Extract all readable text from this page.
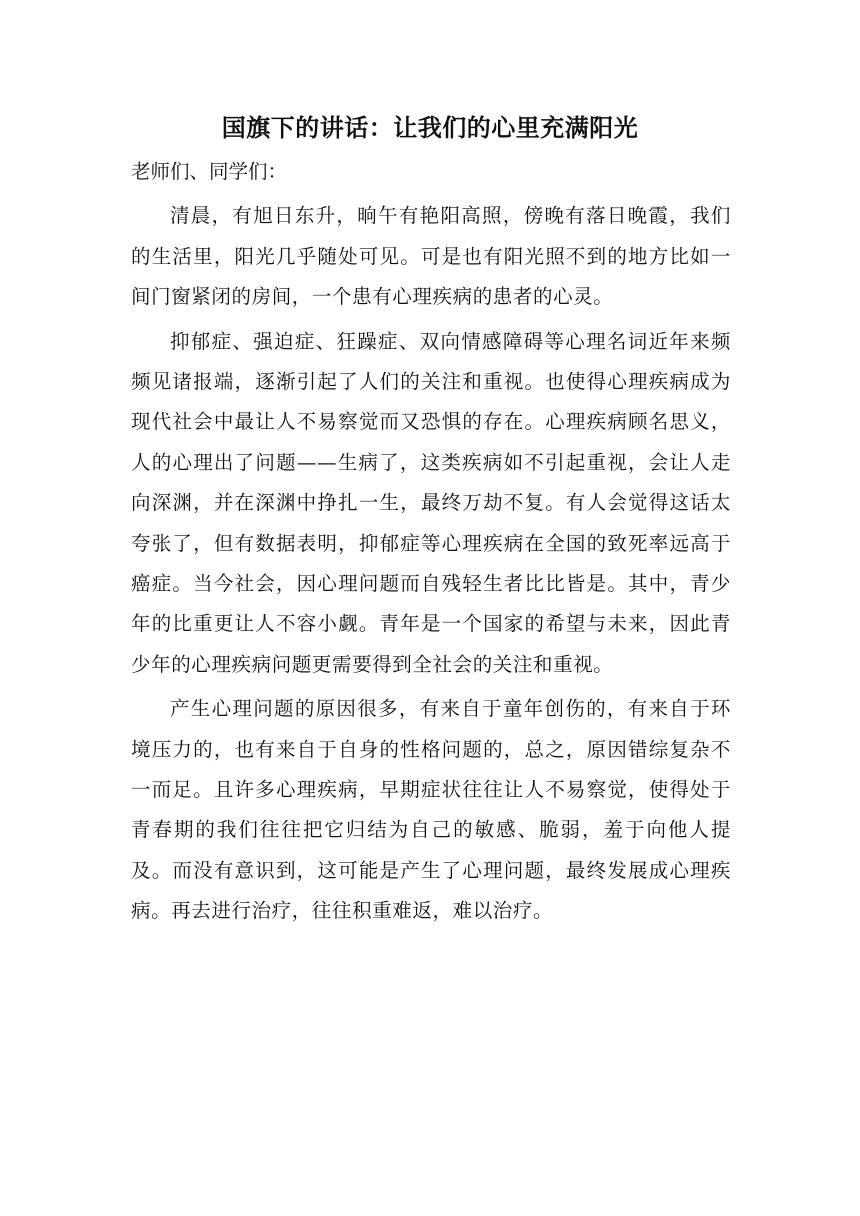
国旗下的讲话：让我们的心里充满阳光

老师们、同学们：

清晨，有旭日东升，晌午有艳阳高照，傍晚有落日晚霞，我们的生活里，阳光几乎随处可见。可是也有阳光照不到的地方比如一间门窗紧闭的房间，一个患有心理疾病的患者的心灵。

抑郁症、强迫症、狂躁症、双向情感障碍等心理名词近年来频频见诸报端，逐渐引起了人们的关注和重视。也使得心理疾病成为现代社会中最让人不易察觉而又恐惧的存在。心理疾病顾名思义，人的心理出了问题——生病了，这类疾病如不引起重视，会让人走向深渊，并在深渊中挣扎一生，最终万劫不复。有人会觉得这话太夸张了，但有数据表明，抑郁症等心理疾病在全国的致死率远高于癌症。当今社会，因心理问题而自残轻生者比比皆是。其中，青少年的比重更让人不容小觑。青年是一个国家的希望与未来，因此青少年的心理疾病问题更需要得到全社会的关注和重视。

产生心理问题的原因很多，有来自于童年创伤的，有来自于环境压力的，也有来自于自身的性格问题的，总之，原因错综复杂不一而足。且许多心理疾病，早期症状往往让人不易察觉，使得处于青春期的我们往往把它归结为自己的敏感、脆弱，羞于向他人提及。而没有意识到，这可能是产生了心理问题，最终发展成心理疾病。再去进行治疗，往往积重难返，难以治疗。
